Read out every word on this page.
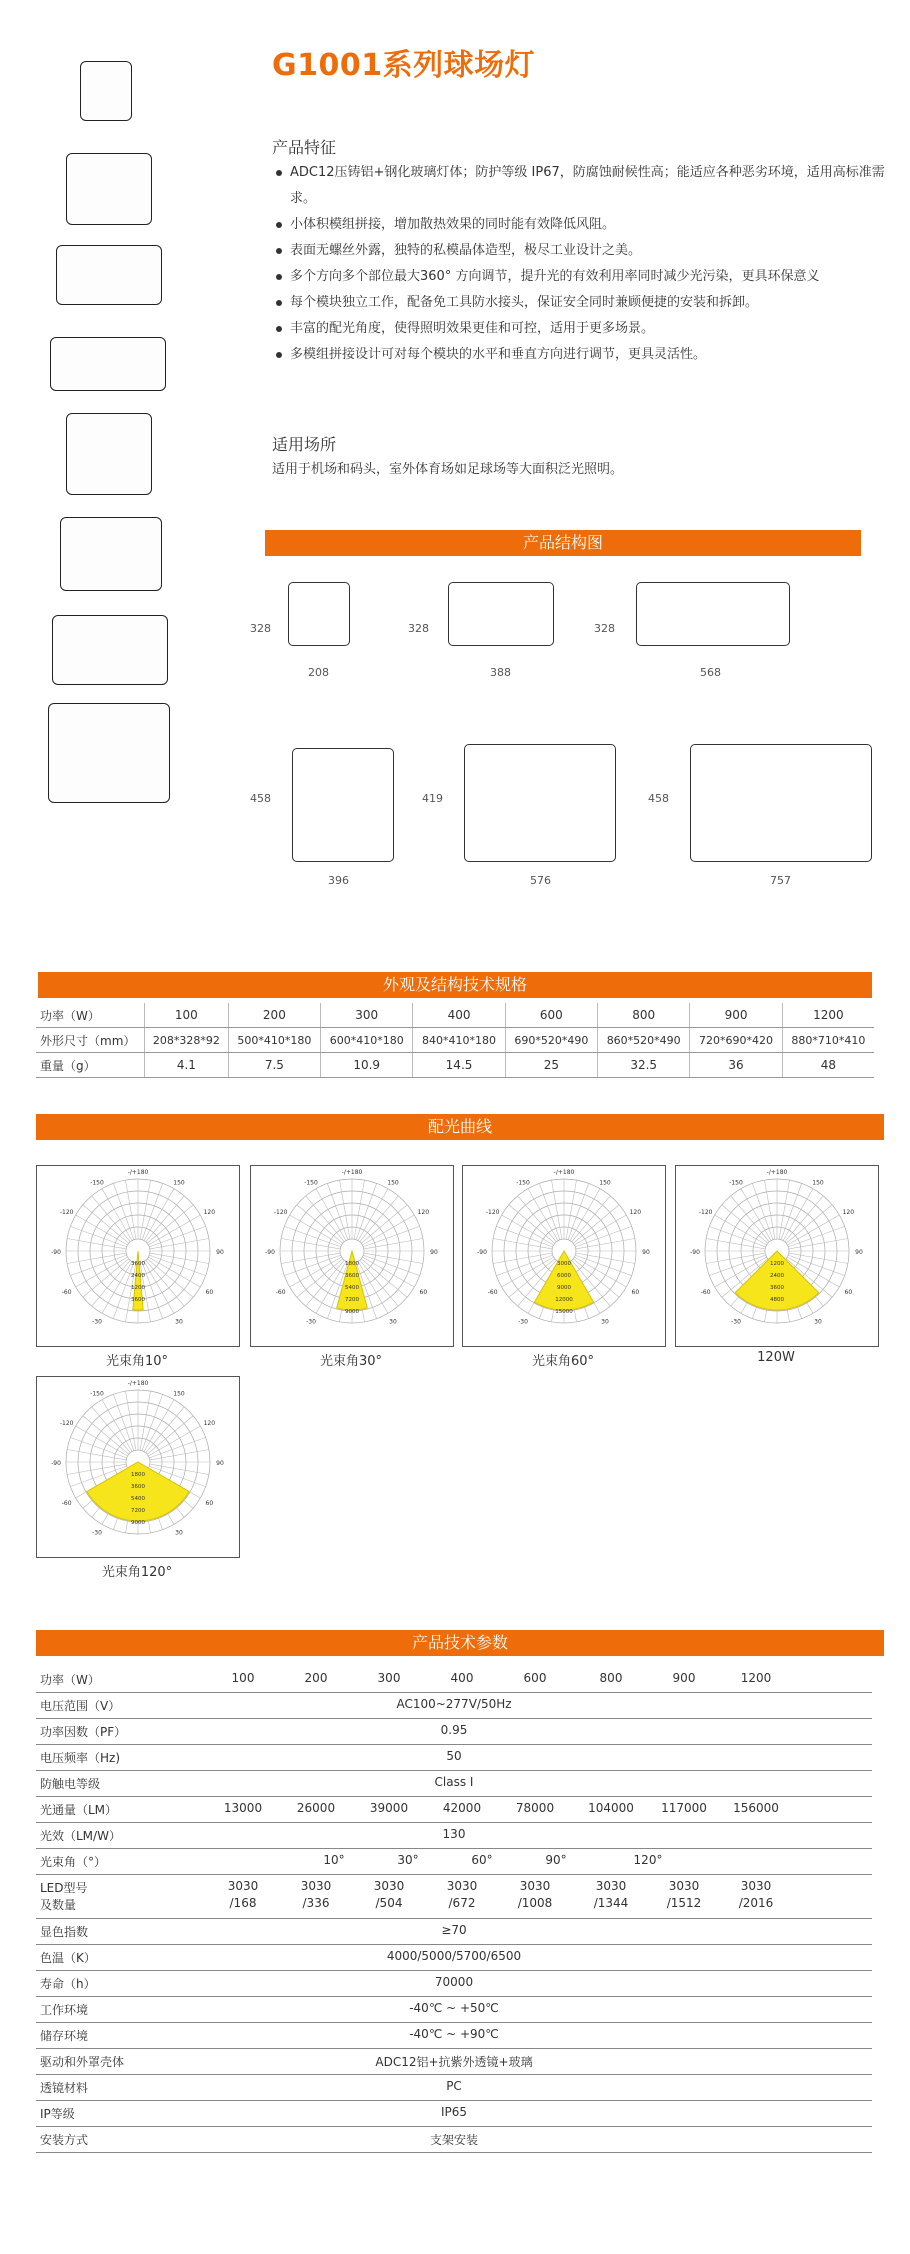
G1001系列球场灯
产品特征
ADC12压铸铝+钢化玻璃灯体；防护等级 IP67，防腐蚀耐候性高；能适应各种恶劣环境，适用高标准需求。
小体积模组拼接，增加散热效果的同时能有效降低风阻。
表面无螺丝外露，独特的私模晶体造型，极尽工业设计之美。
多个方向多个部位最大360° 方向调节，提升光的有效利用率同时减少光污染，更具环保意义
每个模块独立工作，配备免工具防水接头，保证安全同时兼顾便捷的安装和拆卸。
丰富的配光角度，使得照明效果更佳和可控，适用于更多场景。
多模组拼接设计可对每个模块的水平和垂直方向进行调节，更具灵活性。
适用场所
适用于机场和码头，室外体育场如足球场等大面积泛光照明。
产品结构图
328
208
328
388
328
568
458
396
419
576
458
757
外观及结构技术规格
功率（W）	100	200	300	400	600	800	900	1200
外形尺寸（mm）	208*328*92	500*410*180	600*410*180	840*410*180	690*520*490	860*520*490	720*690*420	880*710*410
重量（g）	4.1	7.5	10.9	14.5	25	32.5	36	48
配光曲线
-/+180
-150	150
-120	120
-90	90
-60	60
-30	30
3600
2400
1200
3600
光束角10°
-/+180
-150	150
-120	120
-90	90
-60	60
-30	30
1800
3600
5400
7200
9000
光束角30°
-/+180
-150	150
-120	120
-90	90
-60	60
-30	30
3000
6000
9000
12000
15000
光束角60°
-/+180
-150	150
-120	120
-90	90
-60	60
-30	30
1200
2400
3600
4800
120W
-/+180
-150	150
-120	120
-90	90
-60	60
-30	30
1800
3600
5400
7200
9000
光束角120°
产品技术参数
功率（W）	100	200	300	400	600	800	900	1200
电压范围（V）	AC100~277V/50Hz
功率因数（PF）	0.95
电压频率（Hz)	50
防触电等级	Class Ⅰ
光通量（LM）	13000	26000	39000	42000	78000	104000	117000	156000
光效（LM/W）	130
光束角（°）	10°	30°	60°	90°	120°
LED型号
及数量
3030	3030	3030	3030	3030	3030	3030	3030
/168	/336	/504	/672	/1008	/1344	/1512	/2016
显色指数	≥70
色温（K）	4000/5000/5700/6500
寿命（h）	70000
工作环境	-40℃ ~ +50℃
储存环境	-40℃ ~ +90℃
驱动和外罩壳体	ADC12铝+抗紫外透镜+玻璃
透镜材料	PC
IP等级	IP65
安装方式	支架安装
